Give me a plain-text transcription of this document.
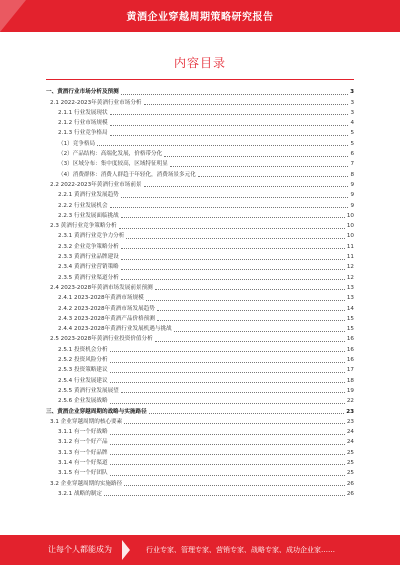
黄酒企业穿越周期策略研究报告
内容目录
一、黄酒行业市场分析及预测	3
2.1 2022-2023年黄酒行业市场分析	3
2.1.1 行业发展现状	3
2.1.2 行业市场规模	4
2.1.3 行业竞争格局	5
（1）竞争格局	5
（2）产品结构：高端化发展，价格带分化	6
（3）区域分布：集中度较高，区域特征明显	7
（4）消费群体：消费人群趋于年轻化，消费场景多元化	8
2.2 2022-2023年黄酒行业市场前景	9
2.2.1 黄酒行业发展趋势	9
2.2.2 行业发展机会	9
2.2.3 行业发展面临挑战	10
2.3 黄酒行业竞争策略分析	10
2.3.1 黄酒行业竞争力分析	10
2.3.2 企业竞争策略分析	11
2.3.3 黄酒行业品牌建设	11
2.3.4 黄酒行业营销策略	12
2.3.5 黄酒行业渠道分析	12
2.4 2023-2028年黄酒市场发展前景预测	13
2.4.1 2023-2028年黄酒市场规模	13
2.4.2 2023-2028年黄酒市场发展趋势	14
2.4.3 2023-2028年黄酒产品价格预测	15
2.4.4 2023-2028年黄酒行业发展机遇与挑战	15
2.5 2023-2028年黄酒行业投资价值分析	16
2.5.1 投资机会分析	16
2.5.2 投资风险分析	16
2.5.3 投资策略建议	17
2.5.4 行业发展建议	18
2.5.5 黄酒行业发展展望	19
2.5.6 企业发展战略	22
三、黄酒企业穿越周期的战略与实施路径	23
3.1 企业穿越周期的核心要素	23
3.1.1 有一个好战略	24
3.1.2 有一个好产品	24
3.1.3 有一个好品牌	25
3.1.4 有一个好渠道	25
3.1.5 有一个好团队	25
3.2 企业穿越周期的实施路径	26
3.2.1 战略的制定	26
让每个人都能成为	行业专家、管理专家、营销专家、战略专家、成功企业家……
